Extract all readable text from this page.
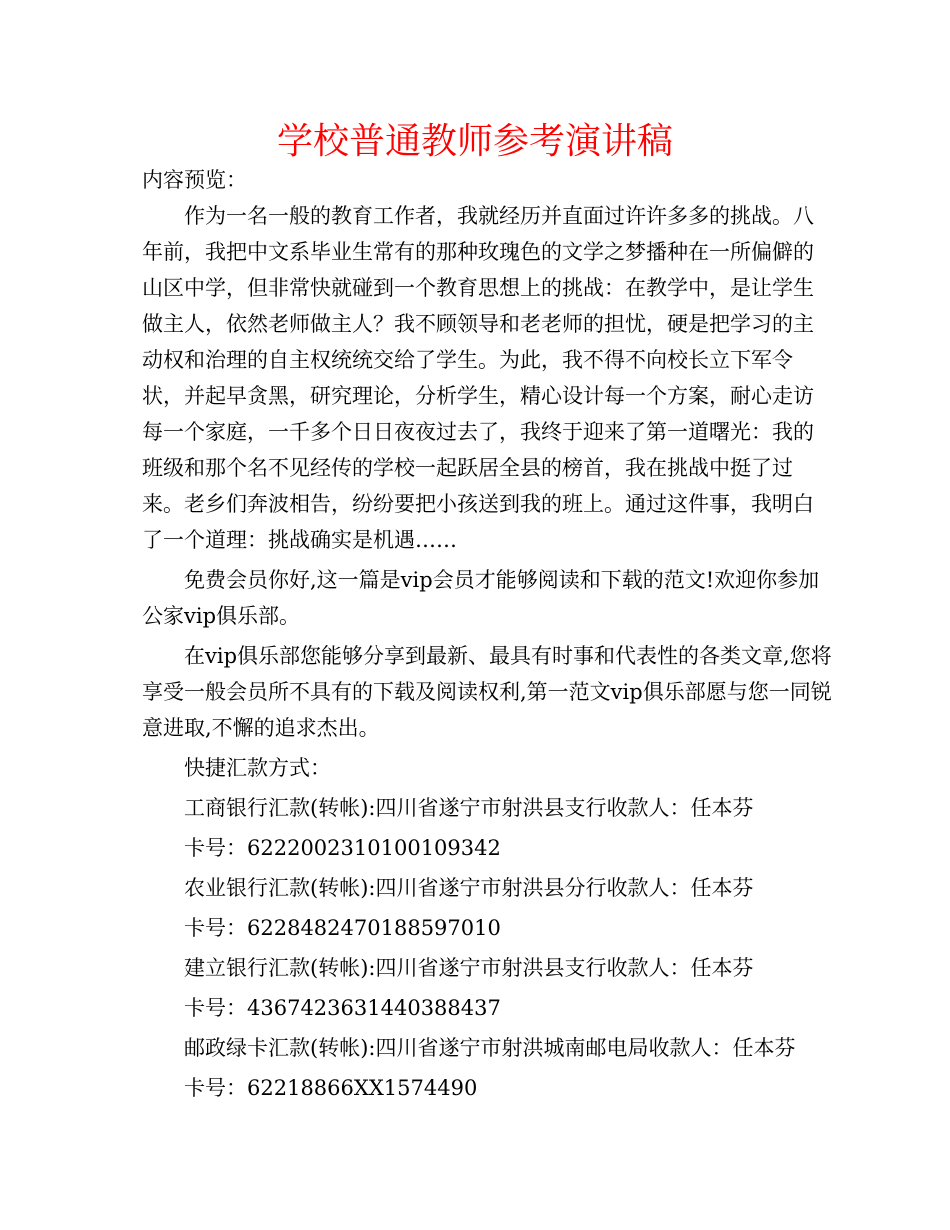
学校普通教师参考演讲稿

内容预览：

作为一名一般的教育工作者，我就经历并直面过许许多多的挑战。八年前，我把中文系毕业生常有的那种玫瑰色的文学之梦播种在一所偏僻的山区中学，但非常快就碰到一个教育思想上的挑战：在教学中，是让学生做主人，依然老师做主人？我不顾领导和老老师的担忧，硬是把学习的主动权和治理的自主权统统交给了学生。为此，我不得不向校长立下军令状，并起早贪黑，研究理论，分析学生，精心设计每一个方案，耐心走访每一个家庭，一千多个日日夜夜过去了，我终于迎来了第一道曙光：我的班级和那个名不见经传的学校一起跃居全县的榜首，我在挑战中挺了过来。老乡们奔波相告，纷纷要把小孩送到我的班上。通过这件事，我明白了一个道理：挑战确实是机遇……

免费会员你好,这一篇是vip会员才能够阅读和下载的范文!欢迎你参加公家vip俱乐部。

在vip俱乐部您能够分享到最新、最具有时事和代表性的各类文章,您将享受一般会员所不具有的下载及阅读权利,第一范文vip俱乐部愿与您一同锐意进取,不懈的追求杰出。

快捷汇款方式：

工商银行汇款(转帐):四川省遂宁市射洪县支行收款人：任本芬

卡号：6222002310100109342

农业银行汇款(转帐):四川省遂宁市射洪县分行收款人：任本芬

卡号：6228482470188597010

建立银行汇款(转帐):四川省遂宁市射洪县支行收款人：任本芬

卡号：4367423631440388437

邮政绿卡汇款(转帐):四川省遂宁市射洪城南邮电局收款人：任本芬

卡号：62218866XX1574490
